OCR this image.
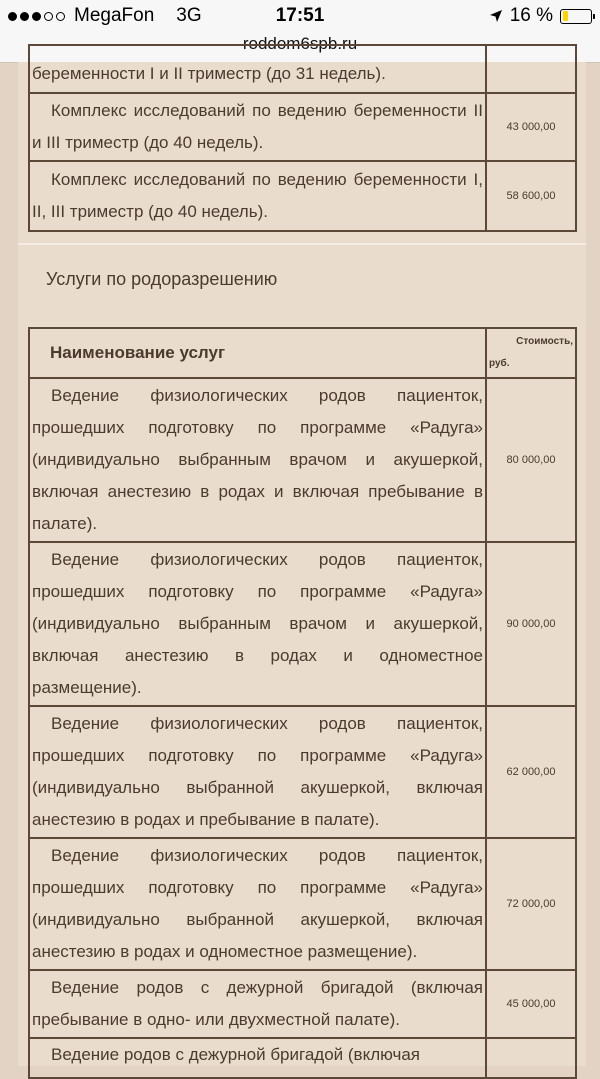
MegaFon 3G	17:51	16 %
roddom6spb.ru
беременности I и II триместр (до 31 недель).	

Комплекс исследований по ведению беременности II и III триместр (до 40 недель).	43 000,00

Комплекс исследований по ведению беременности I, II, III триместр (до 40 недель).	58 600,00
Услуги по родоразрешению
Наименование услуг	Стоимость,
руб.

Ведение физиологических родов пациенток, прошедших подготовку по программе «Радуга» (индивидуально выбранным врачом и акушеркой, включая анестезию в родах и включая пребывание в палате).	80 000,00

Ведение физиологических родов пациенток, прошедших подготовку по программе «Радуга» (индивидуально выбранным врачом и акушеркой, включая анестезию в родах и одноместное размещение).	90 000,00

Ведение физиологических родов пациенток, прошедших подготовку по программе «Радуга» (индивидуально выбранной акушеркой, включая анестезию в родах и пребывание в палате).	62 000,00

Ведение физиологических родов пациенток, прошедших подготовку по программе «Радуга» (индивидуально выбранной акушеркой, включая анестезию в родах и одноместное размещение).	72 000,00

Ведение родов с дежурной бригадой (включая пребывание в одно- или двухместной палате).	45 000,00

Ведение родов с дежурной бригадой (включая	
